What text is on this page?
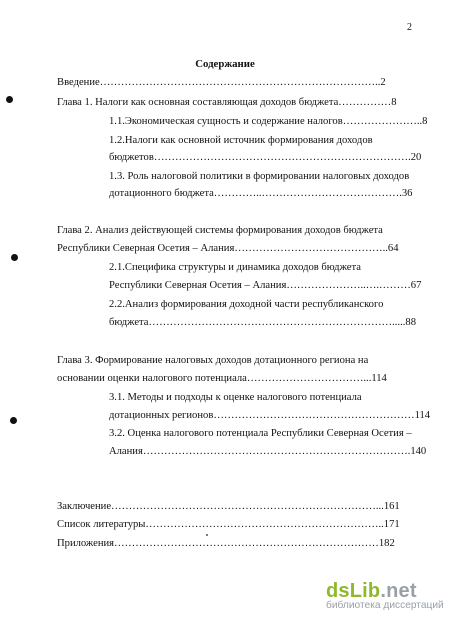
2
Содержание
Введение……………………………………………………………………..2
Глава 1. Налоги как основная составляющая доходов бюджета……………8
1.1.Экономическая сущность и содержание налогов…………………..8
1.2.Налоги как основной источник формирования доходов
бюджетов……………………………………………………………….20
1.3. Роль налоговой политики в формировании налоговых доходов
дотационного бюджета…………..………………………………….36
Глава 2. Анализ действующей системы формирования доходов бюджета
Республики Северная Осетия – Алания……………………………………..64
2.1.Специфика структуры и динамика доходов бюджета
Республики Северная Осетия – Алания…………………..….………67
2.2.Анализ формирования доходной части республиканского
бюджета…………………………………………………………….....88
Глава 3. Формирование налоговых доходов дотационного региона на
основании оценки налогового потенциала……………………………...114
3.1. Методы и подходы к оценке налогового потенциала
дотационных регионов…………………………………………………114
3.2. Оценка налогового потенциала Республики Северная Осетия –
Алания………………………………………………………………….140
Заключение…………………………………………………………………...161
Список литературы…………………………………………………………..171
Приложения…………………………………………………………………182
dsLib.net
библиотека диссертаций
